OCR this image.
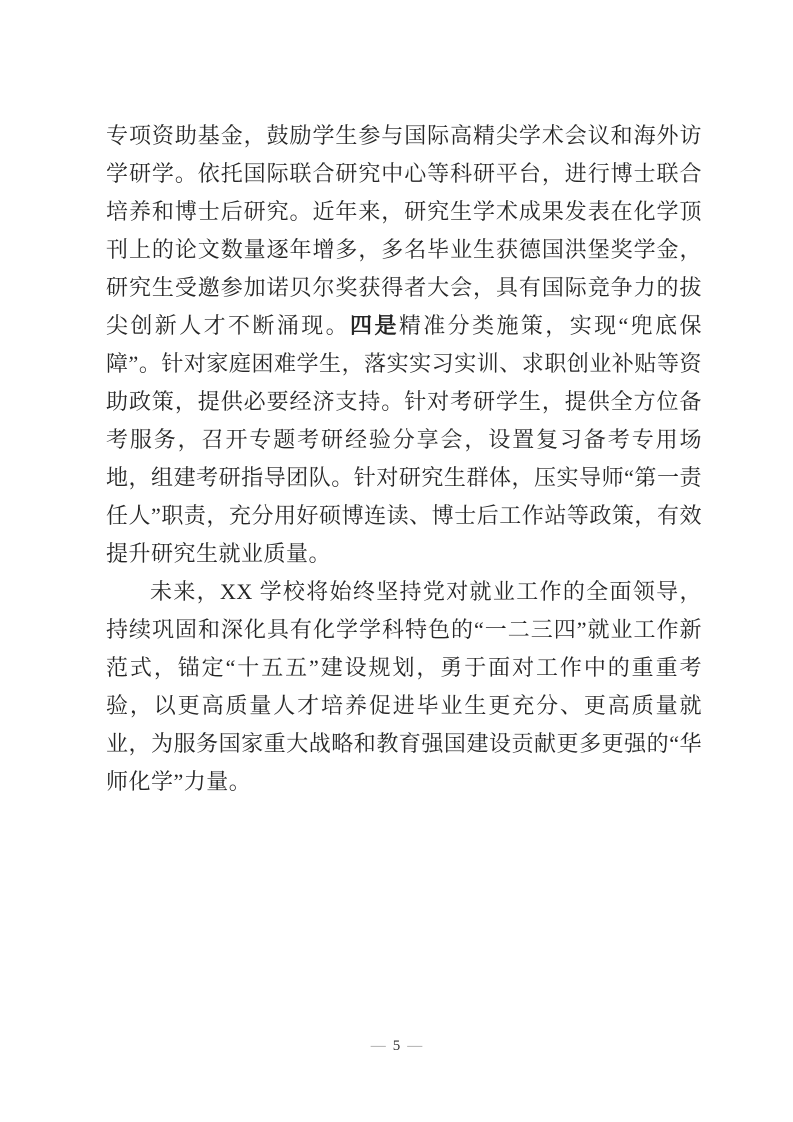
专项资助基金，鼓励学生参与国际高精尖学术会议和海外访学研学。依托国际联合研究中心等科研平台，进行博士联合培养和博士后研究。近年来，研究生学术成果发表在化学顶刊上的论文数量逐年增多，多名毕业生获德国洪堡奖学金，研究生受邀参加诺贝尔奖获得者大会，具有国际竞争力的拔尖创新人才不断涌现。四是精准分类施策，实现“兜底保障”。针对家庭困难学生，落实实习实训、求职创业补贴等资助政策，提供必要经济支持。针对考研学生，提供全方位备考服务，召开专题考研经验分享会，设置复习备考专用场地，组建考研指导团队。针对研究生群体，压实导师“第一责任人”职责，充分用好硕博连读、博士后工作站等政策，有效提升研究生就业质量。

未来，XX 学校将始终坚持党对就业工作的全面领导，持续巩固和深化具有化学学科特色的“一二三四”就业工作新范式，锚定“十五五”建设规划，勇于面对工作中的重重考验，以更高质量人才培养促进毕业生更充分、更高质量就业，为服务国家重大战略和教育强国建设贡献更多更强的“华师化学”力量。

— 5 —
